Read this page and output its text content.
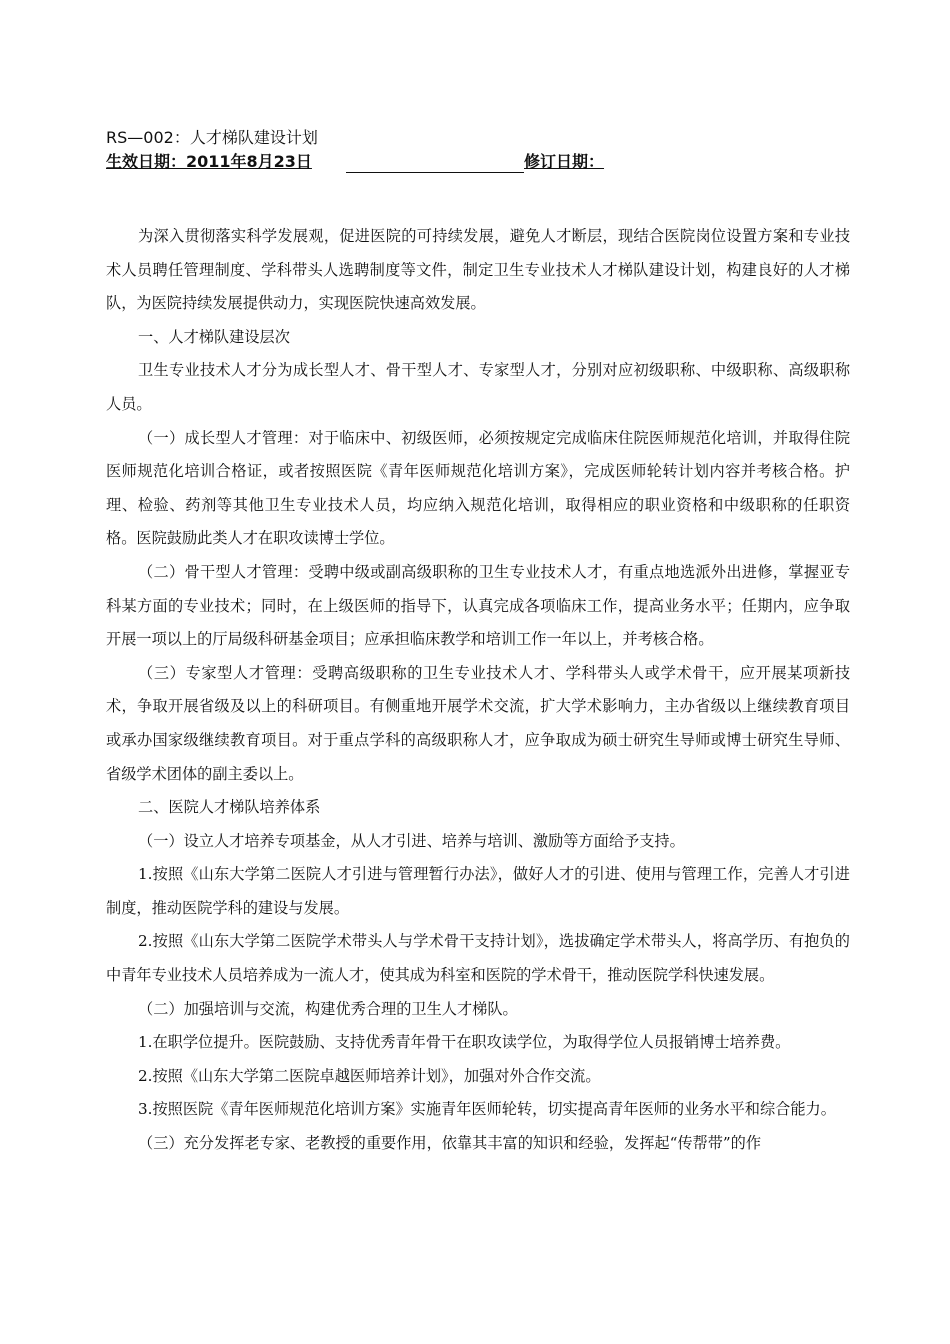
RS—002：人才梯队建设计划
生效日期：2011年8月23日	修订日期：

为深入贯彻落实科学发展观，促进医院的可持续发展，避免人才断层，现结合医院岗位设置方案和专业技术人员聘任管理制度、学科带头人选聘制度等文件，制定卫生专业技术人才梯队建设计划，构建良好的人才梯队，为医院持续发展提供动力，实现医院快速高效发展。

一、人才梯队建设层次

卫生专业技术人才分为成长型人才、骨干型人才、专家型人才，分别对应初级职称、中级职称、高级职称人员。

（一）成长型人才管理：对于临床中、初级医师，必须按规定完成临床住院医师规范化培训，并取得住院医师规范化培训合格证，或者按照医院《青年医师规范化培训方案》，完成医师轮转计划内容并考核合格。护理、检验、药剂等其他卫生专业技术人员，均应纳入规范化培训，取得相应的职业资格和中级职称的任职资格。医院鼓励此类人才在职攻读博士学位。

（二）骨干型人才管理：受聘中级或副高级职称的卫生专业技术人才，有重点地选派外出进修，掌握亚专科某方面的专业技术；同时，在上级医师的指导下，认真完成各项临床工作，提高业务水平；任期内，应争取开展一项以上的厅局级科研基金项目；应承担临床教学和培训工作一年以上，并考核合格。

（三）专家型人才管理：受聘高级职称的卫生专业技术人才、学科带头人或学术骨干，应开展某项新技术，争取开展省级及以上的科研项目。有侧重地开展学术交流，扩大学术影响力，主办省级以上继续教育项目或承办国家级继续教育项目。对于重点学科的高级职称人才，应争取成为硕士研究生导师或博士研究生导师、省级学术团体的副主委以上。

二、医院人才梯队培养体系

（一）设立人才培养专项基金，从人才引进、培养与培训、激励等方面给予支持。

1.按照《山东大学第二医院人才引进与管理暂行办法》，做好人才的引进、使用与管理工作，完善人才引进制度，推动医院学科的建设与发展。

2.按照《山东大学第二医院学术带头人与学术骨干支持计划》，选拔确定学术带头人，将高学历、有抱负的中青年专业技术人员培养成为一流人才，使其成为科室和医院的学术骨干，推动医院学科快速发展。

（二）加强培训与交流，构建优秀合理的卫生人才梯队。

1.在职学位提升。医院鼓励、支持优秀青年骨干在职攻读学位，为取得学位人员报销博士培养费。

2.按照《山东大学第二医院卓越医师培养计划》，加强对外合作交流。

3.按照医院《青年医师规范化培训方案》实施青年医师轮转，切实提高青年医师的业务水平和综合能力。

（三）充分发挥老专家、老教授的重要作用，依靠其丰富的知识和经验，发挥起“传帮带”的作
